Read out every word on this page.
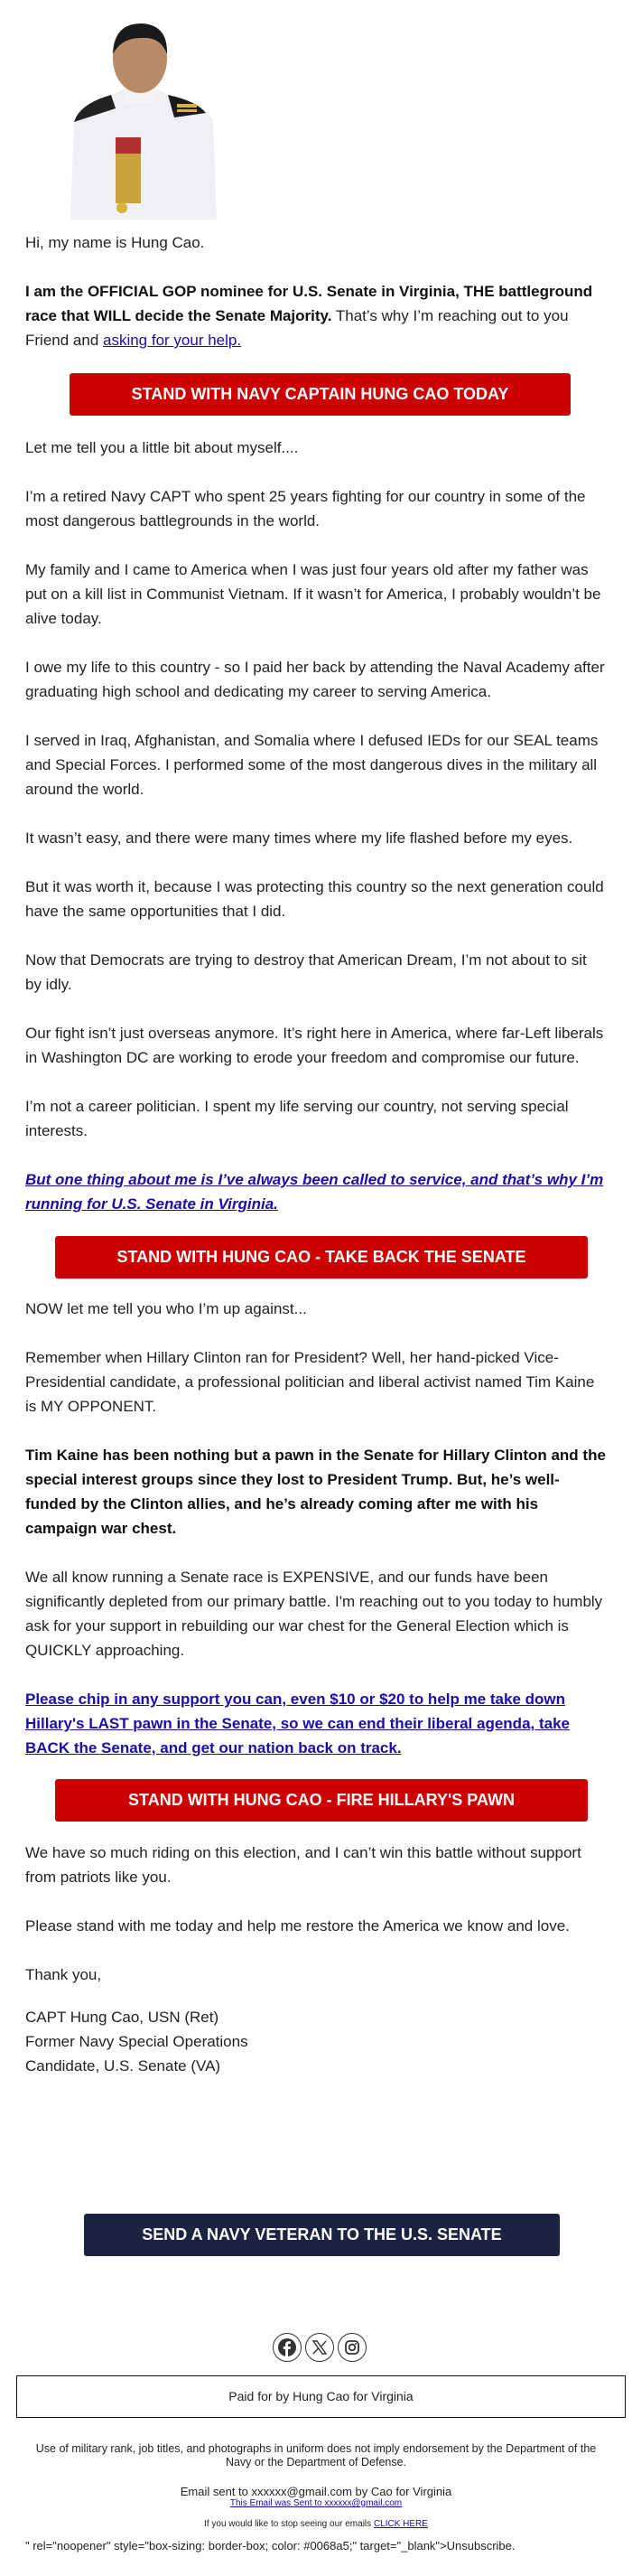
Hi, my name is Hung Cao.

I am the OFFICIAL GOP nominee for U.S. Senate in Virginia, THE battleground race that WILL decide the Senate Majority. That’s why I’m reaching out to you Friend and asking for your help.

STAND WITH NAVY CAPTAIN HUNG CAO TODAY

Let me tell you a little bit about myself....

I’m a retired Navy CAPT who spent 25 years fighting for our country in some of the most dangerous battlegrounds in the world.

My family and I came to America when I was just four years old after my father was put on a kill list in Communist Vietnam. If it wasn’t for America, I probably wouldn’t be alive today.

I owe my life to this country - so I paid her back by attending the Naval Academy after graduating high school and dedicating my career to serving America.

I served in Iraq, Afghanistan, and Somalia where I defused IEDs for our SEAL teams and Special Forces. I performed some of the most dangerous dives in the military all around the world.

It wasn’t easy, and there were many times where my life flashed before my eyes.

But it was worth it, because I was protecting this country so the next generation could have the same opportunities that I did.

Now that Democrats are trying to destroy that American Dream, I’m not about to sit by idly.

Our fight isn’t just overseas anymore. It’s right here in America, where far-Left liberals in Washington DC are working to erode your freedom and compromise our future.

I’m not a career politician. I spent my life serving our country, not serving special interests.

But one thing about me is I’ve always been called to service, and that’s why I’m running for U.S. Senate in Virginia.

STAND WITH HUNG CAO - TAKE BACK THE SENATE

NOW let me tell you who I’m up against...

Remember when Hillary Clinton ran for President? Well, her hand-picked Vice-Presidential candidate, a professional politician and liberal activist named Tim Kaine is MY OPPONENT.

Tim Kaine has been nothing but a pawn in the Senate for Hillary Clinton and the special interest groups since they lost to President Trump. But, he’s well-funded by the Clinton allies, and he’s already coming after me with his campaign war chest.

We all know running a Senate race is EXPENSIVE, and our funds have been significantly depleted from our primary battle. I'm reaching out to you today to humbly ask for your support in rebuilding our war chest for the General Election which is QUICKLY approaching.

Please chip in any support you can, even $10 or $20 to help me take down Hillary's LAST pawn in the Senate, so we can end their liberal agenda, take BACK the Senate, and get our nation back on track.

STAND WITH HUNG CAO - FIRE HILLARY'S PAWN

We have so much riding on this election, and I can’t win this battle without support from patriots like you.

Please stand with me today and help me restore the America we know and love.

Thank you,

CAPT Hung Cao, USN (Ret)

Former Navy Special Operations

Candidate, U.S. Senate (VA)

SEND A NAVY VETERAN TO THE U.S. SENATE
Paid for by Hung Cao for Virginia
Use of military rank, job titles, and photographs in uniform does not imply endorsement by the Department of the Navy or the Department of Defense.
Email sent to xxxxxx@gmail.com by Cao for Virginia
This Email was Sent to xxxxxx@gmail.com
If you would like to stop seeing our emails CLICK HERE
" rel="noopener" style="box-sizing: border-box; color: #0068a5;" target="_blank">Unsubscribe.
